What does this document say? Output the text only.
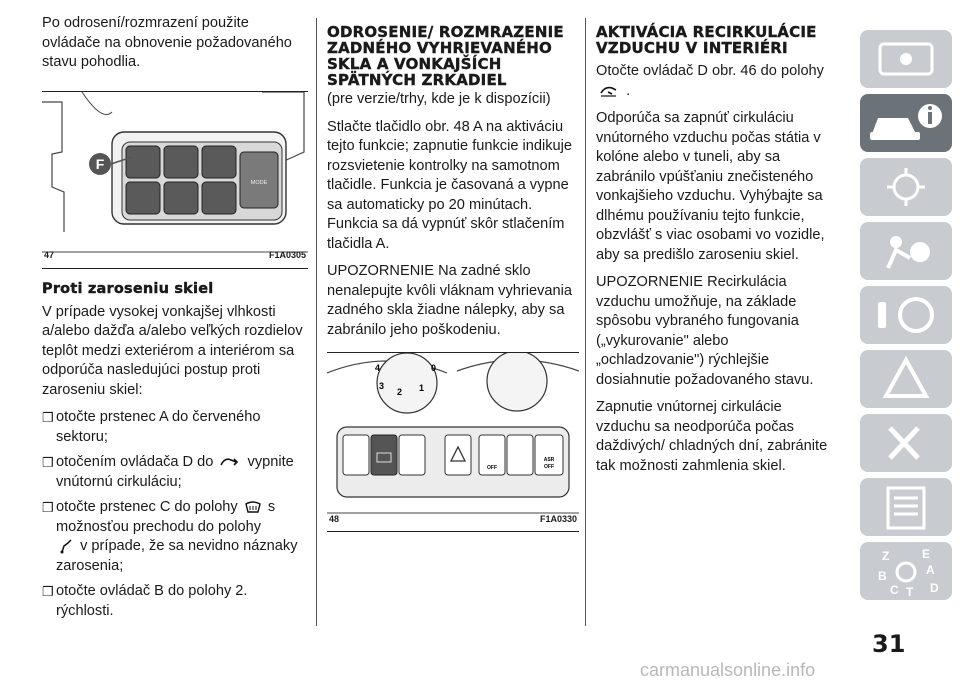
Po odrosení/rozmrazení použite ovládače na obnovenie požadovaného stavu pohodlia.

MODE
F
47	F1A0305
Proti zaroseniu skiel

V prípade vysokej vonkajšej vlhkosti a/alebo dažďa a/alebo veľkých rozdielov teplôt medzi exteriérom a interiérom sa odporúča nasledujúci postup proti zaroseniu skiel:

❒ otočte prstenec A do červeného sektoru;
❒ otočením ovládača D do vypnite vnútornú cirkuláciu;
❒ otočte prstenec C do polohy s možnosťou prechodu do polohy
v prípade, že sa nevidno náznaky zarosenia;
❒ otočte ovládač B do polohy 2. rýchlosti.
ODROSENIE/ ROZMRAZENIE ZADNÉHO VYHRIEVANÉHO SKLA A VONKAJŠÍCH SPÄTNÝCH ZRKADIEL

(pre verzie/trhy, kde je k dispozícii)

Stlačte tlačidlo obr. 48 A na aktiváciu tejto funkcie; zapnutie funkcie indikuje rozsvietenie kontrolky na samotnom tlačidle. Funkcia je časovaná a vypne sa automaticky po 20 minútach. Funkcia sa dá vypnúť skôr stlačením tlačidla A.

UPOZORNENIE Na zadné sklo nenalepujte kvôli vláknam vyhrievania zadného skla žiadne nálepky, aby sa zabránilo jeho poškodeniu.

4
3
2 1
0
OFF
ASR
OFF
48	F1A0330
AKTIVÁCIA RECIRKULÁCIE VZDUCHU V INTERIÉRI

Otočte ovládač D obr. 46 do polohy
.

Odporúča sa zapnúť cirkuláciu vnútorného vzduchu počas státia v kolóne alebo v tuneli, aby sa zabránilo vpúšťaniu znečisteného vonkajšieho vzduchu. Vyhýbajte sa dlhému používaniu tejto funkcie, obzvlášť s viac osobami vo vozidle, aby sa predišlo zaroseniu skiel.

UPOZORNENIE Recirkulácia vzduchu umožňuje, na základe spôsobu vybraného fungovania („vykurovanie" alebo „ochladzovanie") rýchlejšie dosiahnutie požadovaného stavu.

Zapnutie vnútornej cirkulácie vzduchu sa neodporúča počas daždivých/ chladných dní, zabránite tak možnosti zahmlenia skiel.

Z	E
B	A
C T D
31
carmanualsonline.info
